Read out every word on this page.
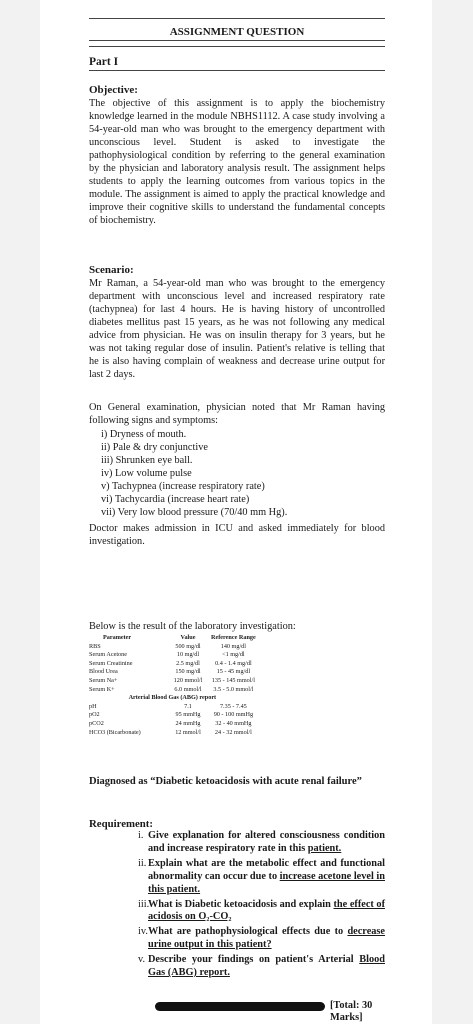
ASSIGNMENT QUESTION
Part I
Objective:
The objective of this assignment is to apply the biochemistry knowledge learned in the module NBHS1112. A case study involving a 54-year-old man who was brought to the emergency department with unconscious level. Student is asked to investigate the pathophysiological condition by referring to the general examination by the physician and laboratory analysis result. The assignment helps students to apply the learning outcomes from various topics in the module. The assignment is aimed to apply the practical knowledge and improve their cognitive skills to understand the fundamental concepts of biochemistry.
Scenario:
Mr Raman, a 54-year-old man who was brought to the emergency department with unconscious level and increased respiratory rate (tachypnea) for last 4 hours. He is having history of uncontrolled diabetes mellitus past 15 years, as he was not following any medical advice from physician. He was on insulin therapy for 3 years, but he was not taking regular dose of insulin. Patient's relative is telling that he is also having complain of weakness and decrease urine output for last 2 days.
On General examination, physician noted that Mr Raman having following signs and symptoms:
i) Dryness of mouth.
ii) Pale & dry conjunctive
iii) Shrunken eye ball.
iv) Low volume pulse
v) Tachypnea (increase respiratory rate)
vi) Tachycardia (increase heart rate)
vii) Very low blood pressure (70/40 mm Hg).
Doctor makes admission in ICU and asked immediately for blood investigation.
Below is the result of the laboratory investigation:
Parameter	Value	Reference Range
RBS	500 mg/dl	140 mg/dl
Serum Acetone	10 mg/dl	<1 mg/dl
Serum Creatinine	2.5 mg/dl	0.4 - 1.4 mg/dl
Blood Urea	150 mg/dl	15 - 45 mg/dl
Serum Na+	120 mmol/l	135 - 145 mmol/l
Serum K+	6.0 mmol/l	3.5 - 5.0 mmol/l
Arterial Blood Gas (ABG) report		
pH	7.1	7.35 - 7.45
pO2	95 mmHg	90 - 100 mmHg
pCO2	24 mmHg	32 - 40 mmHg
HCO3 (Bicarbonate)	12 mmol/l	24 - 32 mmol/l
Diagnosed as “Diabetic ketoacidosis with acute renal failure”
Requirement:
i. Give explanation for altered consciousness condition and increase respiratory rate in this patient.
ii. Explain what are the metabolic effect and functional abnormality can occur due to increase acetone level in this patient.
iii.
What is Diabetic ketoacidosis and explain the effect of acidosis on O₂-CO₂
iv. What are pathophysiological effects due to decrease urine output in this patient?
v. Describe your findings on patient's Arterial Blood Gas (ABG) report.
[Total: 30 Marks]
